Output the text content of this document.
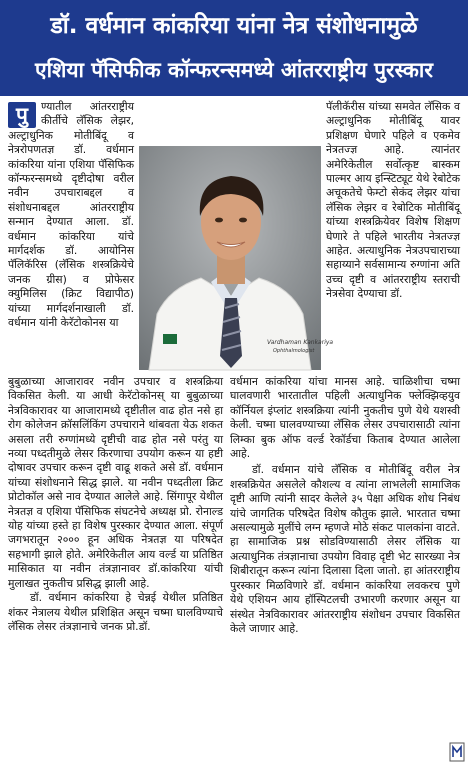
डॉ. वर्धमान कांकरिया यांना नेत्र संशोधनामुळे
एशिया पॅसिफीक कॉन्फरन्समध्ये आंतरराष्ट्रीय पुरस्कार
पु	ण्यातील आंतरराष्ट्रीय कीर्तीचे लॅसिक लेझर, अल्ट्राधुनिक मोतीबिंदू व नेत्ररोपणतज्ञ डॉ. वर्धमान कांकरिया यांना एशिया पॅसिफिक कॉन्फरन्समध्ये दृष्टीदोषा वरील नवीन उपचाराबद्दल व संशोधनाबद्दल आंतरराष्ट्रीय सन्मान देण्यात आला. डॉ. वर्धमान कांकरिया यांचे मार्गदर्शक डॉ. आयोनिस पॅलिकॅरिस (लॅसिक शस्त्रक्रियेचे जनक ग्रीस) व प्रोफेसर क्युमिलिस (क्रिट विद्यापीठ) यांच्या मार्गदर्शनाखाली डॉ. वर्धमान यांनी केरॅटोकोनस या

पॅलीकॅरीस यांच्या समवेत लॅसिक व अल्ट्राधुनिक मोतीबिंदू यावर प्रशिक्षण घेणारे पहिले व एकमेव नेत्रतज्ज्ञ आहे. त्यानंतर अमेरिकेतील सर्वोत्कृष्ट बास्कम पाल्मर आय इन्स्टिट्यूट येथे रेबोटेक अचूकतेचे फेम्टो सेकंद लेझर यांचा लॅसिक लेझर व रेबोटिक मोतीबिंदू यांच्या शस्त्रक्रियेवर विशेष शिक्षण घेणारे ते पहिले भारतीय नेत्रतज्ज्ञ आहेत. अत्याधुनिक नेत्रउपचाराच्या सहाय्याने सर्वसामान्य रुग्णांना अति उच्च दृष्टी व आंतरराष्ट्रीय स्तराची नेत्रसेवा देण्याचा डॉ.

Vardhaman Kankariya
Ophthalmologist

बुबुळाच्या आजारावर नवीन उपचार व शस्त्रक्रिया विकसित केली. या आधी केरॅटोकोनस् या बुबुळाच्या नेत्रविकारावर या आजारामध्ये दृष्टीतील वाढ होत नसे हा रोग कोलेजन क्रॉसलिंकिंग उपचाराने थांबवता येऊ शकत असला तरी रुग्णांमध्ये दृष्टीची वाढ होत नसे परंतु या नव्या पध्दतीमुळे लेसर किरणाचा उपयोग करून या हष्टी दोषावर उपचार करून दृष्टी वाढू शकते असे डॉ. वर्धमान यांच्या संशोधनाने सिद्ध झाले. या नवीन पध्दतीला क्रिट प्रोटोकॉल असे नाव देण्यात आलेले आहे. सिंगापूर येथील नेत्रतज्ञ व एशिया पॅसिफिक संघटनेचे अध्यक्ष प्रो. रोनाल्ड योह यांच्या हस्ते हा विशेष पुरस्कार देण्यात आला. संपूर्ण जगभरातून २००० हून अधिक नेत्रतज्ञ या परिषदेत सहभागी झाले होते. अमेरिकेतील आय वर्ल्ड या प्रतिष्ठित मासिकात या नवीन तंत्रज्ञानावर डॉ.कांकरिया यांची मुलाखत नुकतीच प्रसिद्ध झाली आहे.

डॉ. वर्धमान कांकरिया हे चेन्नई येथील प्रतिष्ठित शंकर नेत्रालय येथील प्रशिक्षित असून चष्मा घालविण्याचे लॅसिक लेसर तंत्रज्ञानाचे जनक प्रो.डॉ.

वर्धमान कांकरिया यांचा मानस आहे. चाळिशीचा चष्मा घालवणारी भारतातील पहिली अत्याधुनिक फ्लेक्झिव्हयुव कॉर्नियल इंप्लांट शस्त्रक्रिया त्यांनी नुकतीच पुणे येथे यशस्वी केली. चष्मा घालवण्याच्या लॅसिक लेसर उपचारासाठी त्यांना लिम्का बुक ऑफ वर्ल्ड रेकॉर्डचा किताब देण्यात आलेला आहे.

डॉ. वर्धमान यांचे लॅसिक व मोतीबिंदू वरील नेत्र शस्त्रक्रियेत असलेले कौशल्य व त्यांना लाभलेली सामाजिक दृष्टी आणि त्यांनी सादर केलेले ३५ पेक्षा अधिक शोध निबंध यांचे जागतिक परिषदेत विशेष कौतुक झाले. भारतात चष्मा असल्यामुळे मुलींचे लग्न म्हणजे मोठे संकट पालकांना वाटते. हा सामाजिक प्रश्न सोडविण्यासाठी लेसर लॅसिक या अत्याधुनिक तंत्रज्ञानाचा उपयोग विवाह दृष्टी भेट सारख्या नेत्र शिबीरातून करून त्यांना दिलासा दिला जातो. हा आंतरराष्ट्रीय पुरस्कार मिळविणारे डॉ. वर्धमान कांकरिया लवकरच पुणे येथे एशियन आय हॉस्पिटलची उभारणी करणार असून या संस्थेत नेत्रविकारावर आंतरराष्ट्रीय संशोधन उपचार विकसित केले जाणार आहे.
